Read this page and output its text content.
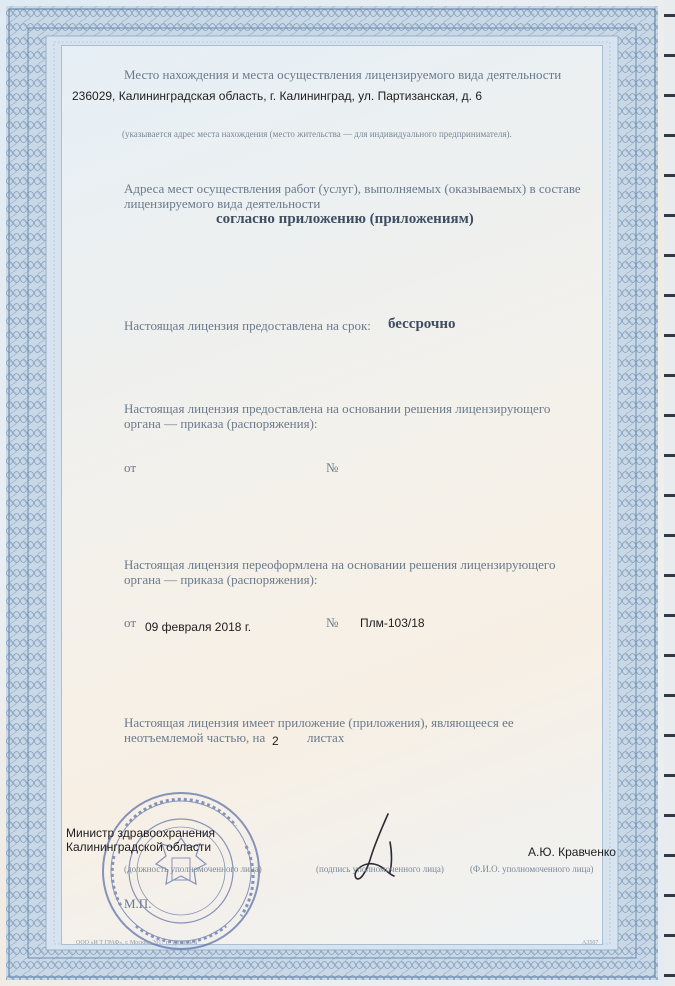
Место нахождения и места осуществления лицензируемого вида деятельности
236029, Калининградская область, г. Калининград, ул. Партизанская, д. 6
(указывается адрес места нахождения (место жительства — для индивидуального предпринимателя).
Адреса мест осуществления работ (услуг), выполняемых (оказываемых) в составе
лицензируемого вида деятельности
согласно приложению (приложениям)
Настоящая лицензия предоставлена на срок: бессрочно
Настоящая лицензия предоставлена на основании решения лицензирующего
органа — приказа (распоряжения):
от	№
Настоящая лицензия переоформлена на основании решения лицензирующего
органа — приказа (распоряжения):
от 09 февраля 2018 г.	№ Плм-103/18
Настоящая лицензия имеет приложение (приложения), являющееся ее
неотъемлемой частью, на 2 листах
Министр здравоохранения
Калининградской области
(должность уполномоченного лица)	(подпись уполномоченного лица)
А.Ю. Кравченко
(Ф.И.О. уполномоченного лица)
М.П.
ООО «И Т ГРАФ», г. Москва, 2017 г., уровень Б	А3507
